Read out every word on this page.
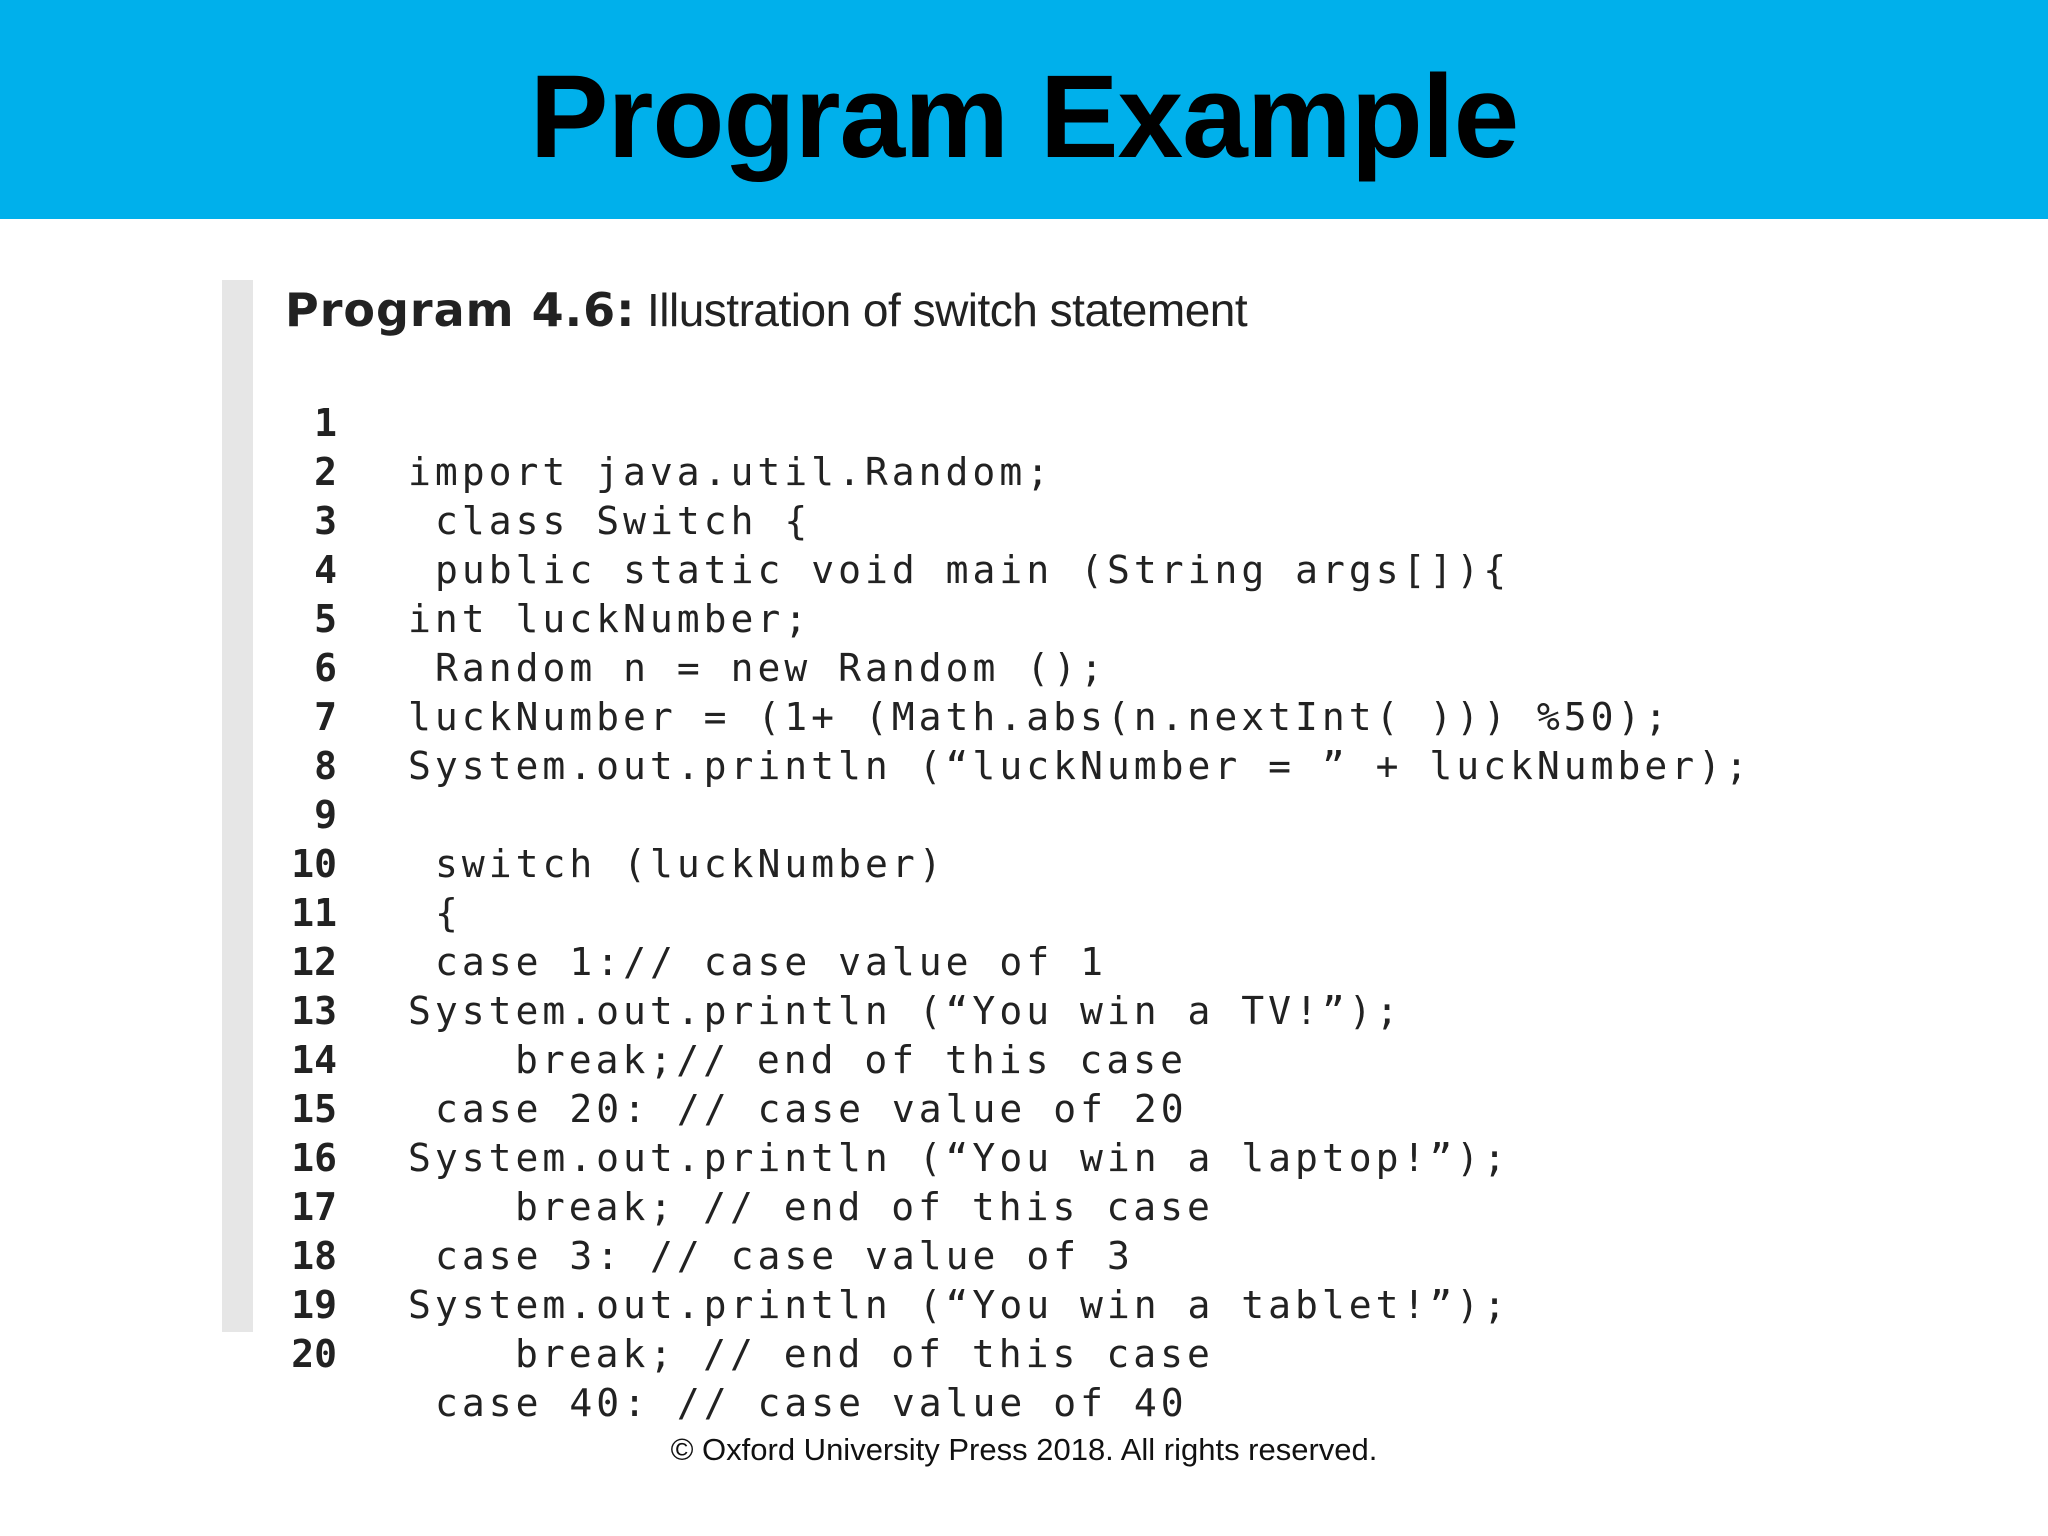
Program Example
Program 4.6: Illustration of switch statement

1

import java.util.Random;

2

class Switch {

3

public static void main (String args[]){

4

int luckNumber;

5

Random n = new Random ();

6

luckNumber = (1+ (Math.abs(n.nextInt( ))) %50);

7

System.out.println (“luckNumber = ” + luckNumber);

8

9

switch (luckNumber)

10

{

11

case 1:// case value of 1

12

System.out.println (“You win a TV!”);

13

break;// end of this case

14

case 20: // case value of 20

15

System.out.println (“You win a laptop!”);

16

break; // end of this case

17

case 3: // case value of 3

18

System.out.println (“You win a tablet!”);

19

break; // end of this case

20

case 40: // case value of 40

© Oxford University Press 2018. All rights reserved.
